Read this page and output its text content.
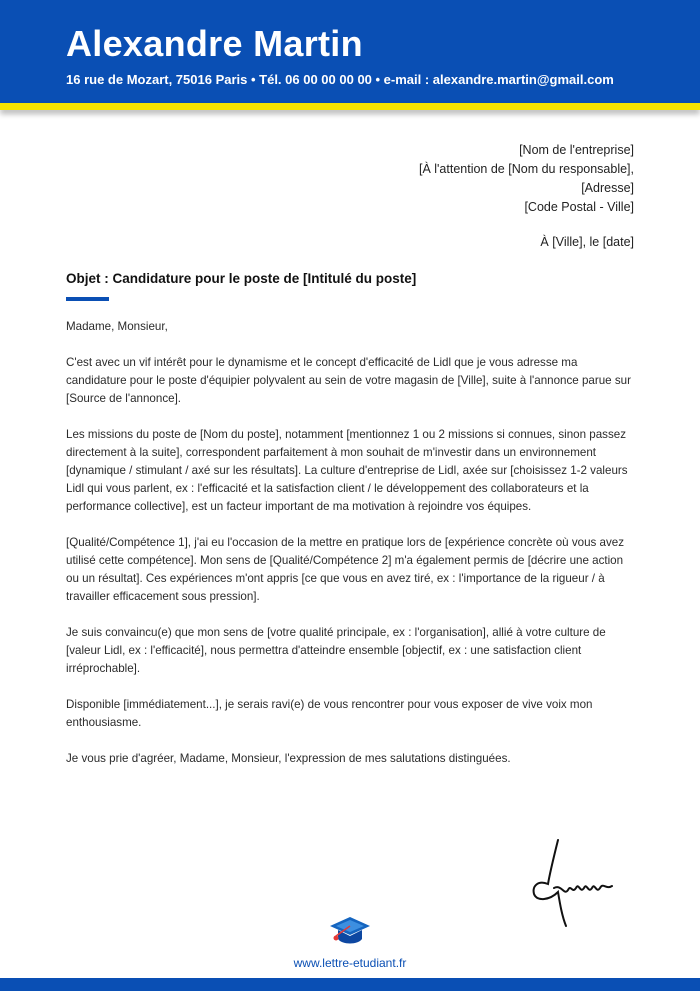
Alexandre Martin
16 rue de Mozart, 75016 Paris • Tél. 06 00 00 00 00 • e-mail : alexandre.martin@gmail.com
[Nom de l'entreprise]
[À l'attention de [Nom du responsable],
[Adresse]
[Code Postal - Ville]
À [Ville], le [date]
Objet : Candidature pour le poste de [Intitulé du poste]

Madame, Monsieur,

C'est avec un vif intérêt pour le dynamisme et le concept d'efficacité de Lidl que je vous adresse ma candidature pour le poste d'équipier polyvalent au sein de votre magasin de [Ville], suite à l'annonce parue sur [Source de l'annonce].

Les missions du poste de [Nom du poste], notamment [mentionnez 1 ou 2 missions si connues, sinon passez directement à la suite], correspondent parfaitement à mon souhait de m'investir dans un environnement [dynamique / stimulant / axé sur les résultats]. La culture d'entreprise de Lidl, axée sur [choisissez 1-2 valeurs Lidl qui vous parlent, ex : l'efficacité et la satisfaction client / le développement des collaborateurs et la performance collective], est un facteur important de ma motivation à rejoindre vos équipes.

[Qualité/Compétence 1], j'ai eu l'occasion de la mettre en pratique lors de [expérience concrète où vous avez utilisé cette compétence]. Mon sens de [Qualité/Compétence 2] m'a également permis de [décrire une action ou un résultat]. Ces expériences m'ont appris [ce que vous en avez tiré, ex : l'importance de la rigueur / à travailler efficacement sous pression].

Je suis convaincu(e) que mon sens de [votre qualité principale, ex : l'organisation], allié à votre culture de [valeur Lidl, ex : l'efficacité], nous permettra d'atteindre ensemble [objectif, ex : une satisfaction client irréprochable].

Disponible [immédiatement...], je serais ravi(e) de vous rencontrer pour vous exposer de vive voix mon enthousiasme.

Je vous prie d'agréer, Madame, Monsieur, l'expression de mes salutations distinguées.

www.lettre-etudiant.fr
